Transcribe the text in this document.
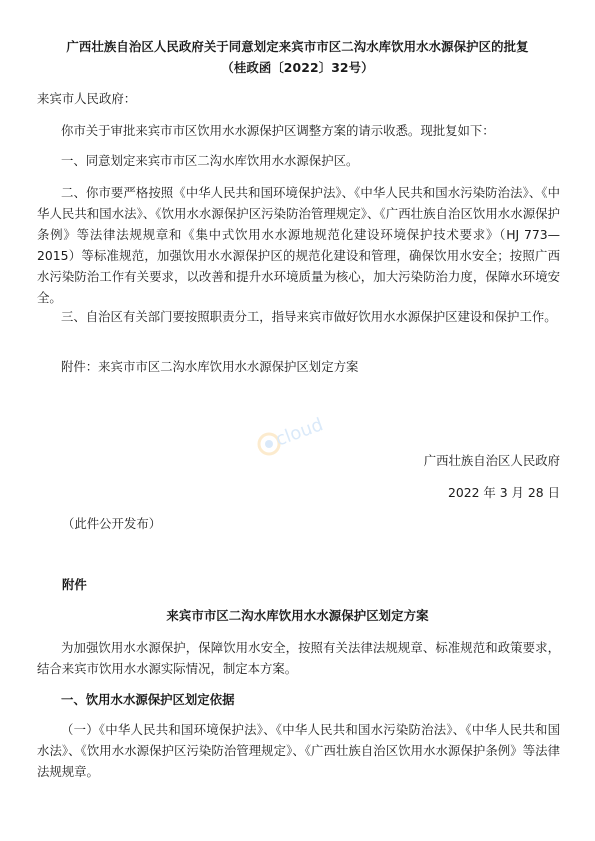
广西壮族自治区人民政府关于同意划定来宾市市区二沟水库饮用水水源保护区的批复
（桂政函〔2022〕32号）
来宾市人民政府：
你市关于审批来宾市市区饮用水水源保护区调整方案的请示收悉。现批复如下：
一、同意划定来宾市市区二沟水库饮用水水源保护区。
二、你市要严格按照《中华人民共和国环境保护法》、《中华人民共和国水污染防治法》、《中华人民共和国水法》、《饮用水水源保护区污染防治管理规定》、《广西壮族自治区饮用水水源保护条例》等法律法规规章和《集中式饮用水水源地规范化建设环境保护技术要求》（HJ 773—2015）等标准规范，加强饮用水水源保护区的规范化建设和管理，确保饮用水安全；按照广西水污染防治工作有关要求，以改善和提升水环境质量为核心，加大污染防治力度，保障水环境安全。
三、自治区有关部门要按照职责分工，指导来宾市做好饮用水水源保护区建设和保护工作。
附件：来宾市市区二沟水库饮用水水源保护区划定方案
cloud
广西壮族自治区人民政府
2022 年 3 月 28 日
（此件公开发布）
附件
来宾市市区二沟水库饮用水水源保护区划定方案
为加强饮用水水源保护，保障饮用水安全，按照有关法律法规规章、标准规范和政策要求，结合来宾市饮用水水源实际情况，制定本方案。
一、饮用水水源保护区划定依据
（一）《中华人民共和国环境保护法》、《中华人民共和国水污染防治法》、《中华人民共和国水法》、《饮用水水源保护区污染防治管理规定》、《广西壮族自治区饮用水水源保护条例》等法律法规规章。
